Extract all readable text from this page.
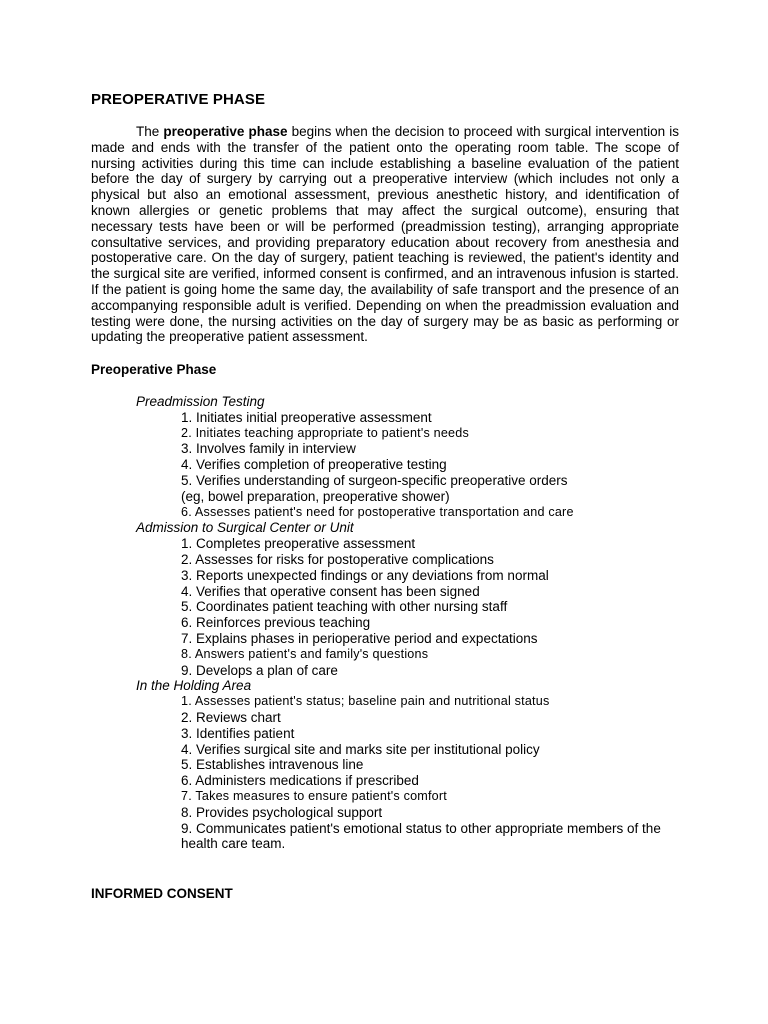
PREOPERATIVE PHASE

The preoperative phase begins when the decision to proceed with surgical intervention is made and ends with the transfer of the patient onto the operating room table. The scope of nursing activities during this time can include establishing a baseline evaluation of the patient before the day of surgery by carrying out a preoperative interview (which includes not only a physical but also an emotional assessment, previous anesthetic history, and identification of known allergies or genetic problems that may affect the surgical outcome), ensuring that necessary tests have been or will be performed (preadmission testing), arranging appropriate consultative services, and providing preparatory education about recovery from anesthesia and postoperative care. On the day of surgery, patient teaching is reviewed, the patient's identity and the surgical site are verified, informed consent is confirmed, and an intravenous infusion is started. If the patient is going home the same day, the availability of safe transport and the presence of an accompanying responsible adult is verified. Depending on when the preadmission evaluation and testing were done, the nursing activities on the day of surgery may be as basic as performing or updating the preoperative patient assessment.

Preoperative Phase
Preadmission Testing
1. Initiates initial preoperative assessment
2. Initiates teaching appropriate to patient's needs
3. Involves family in interview
4. Verifies completion of preoperative testing
5. Verifies understanding of surgeon-specific preoperative orders
(eg, bowel preparation, preoperative shower)
6. Assesses patient's need for postoperative transportation and care
Admission to Surgical Center or Unit
1. Completes preoperative assessment
2. Assesses for risks for postoperative complications
3. Reports unexpected findings or any deviations from normal
4. Verifies that operative consent has been signed
5. Coordinates patient teaching with other nursing staff
6. Reinforces previous teaching
7. Explains phases in perioperative period and expectations
8. Answers patient's and family's questions
9. Develops a plan of care
In the Holding Area
1. Assesses patient's status; baseline pain and nutritional status
2. Reviews chart
3. Identifies patient
4. Verifies surgical site and marks site per institutional policy
5. Establishes intravenous line
6. Administers medications if prescribed
7. Takes measures to ensure patient's comfort
8. Provides psychological support
9. Communicates patient's emotional status to other appropriate members of the
health care team.
INFORMED CONSENT
